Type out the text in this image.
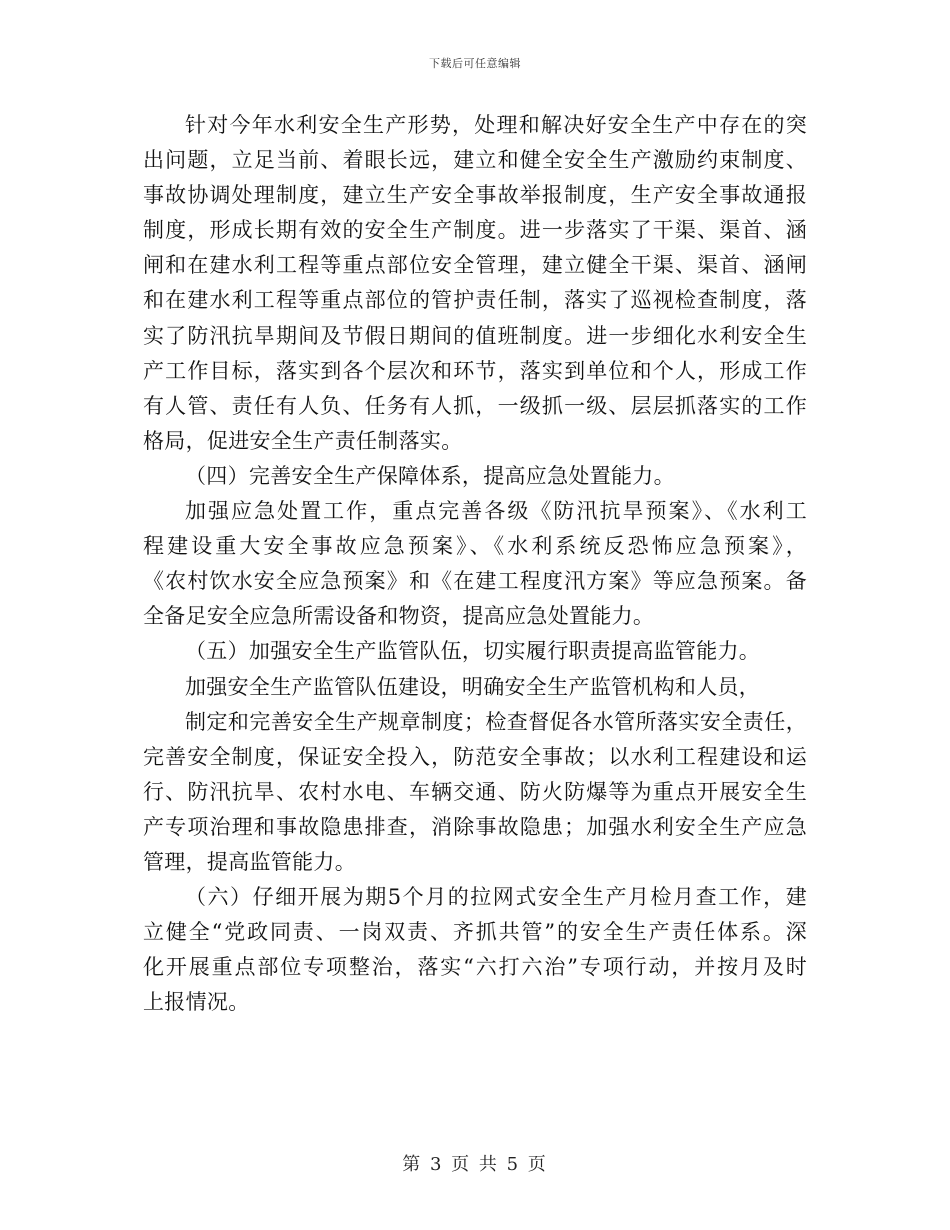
下载后可任意编辑
针对今年水利安全生产形势，处理和解决好安全生产中存在的突
出问题，立足当前、着眼长远，建立和健全安全生产激励约束制度、
事故协调处理制度，建立生产安全事故举报制度，生产安全事故通报
制度，形成长期有效的安全生产制度。进一步落实了干渠、渠首、涵
闸和在建水利工程等重点部位安全管理，建立健全干渠、渠首、涵闸
和在建水利工程等重点部位的管护责任制，落实了巡视检查制度，落
实了防汛抗旱期间及节假日期间的值班制度。进一步细化水利安全生
产工作目标，落实到各个层次和环节，落实到单位和个人，形成工作
有人管、责任有人负、任务有人抓，一级抓一级、层层抓落实的工作
格局，促进安全生产责任制落实。
（四）完善安全生产保障体系，提高应急处置能力。
加强应急处置工作，重点完善各级《防汛抗旱预案》、《水利工
程建设重大安全事故应急预案》、《水利系统反恐怖应急预案》，
《农村饮水安全应急预案》和《在建工程度汛方案》等应急预案。备
全备足安全应急所需设备和物资，提高应急处置能力。
（五）加强安全生产监管队伍，切实履行职责提高监管能力。
加强安全生产监管队伍建设，明确安全生产监管机构和人员，
制定和完善安全生产规章制度；检查督促各水管所落实安全责任，
完善安全制度，保证安全投入，防范安全事故；以水利工程建设和运
行、防汛抗旱、农村水电、车辆交通、防火防爆等为重点开展安全生
产专项治理和事故隐患排查，消除事故隐患；加强水利安全生产应急
管理，提高监管能力。
（六）仔细开展为期5个月的拉网式安全生产月检月查工作，建
立健全“党政同责、一岗双责、齐抓共管”的安全生产责任体系。深
化开展重点部位专项整治，落实“六打六治”专项行动，并按月及时
上报情况。
第 3 页 共 5 页
